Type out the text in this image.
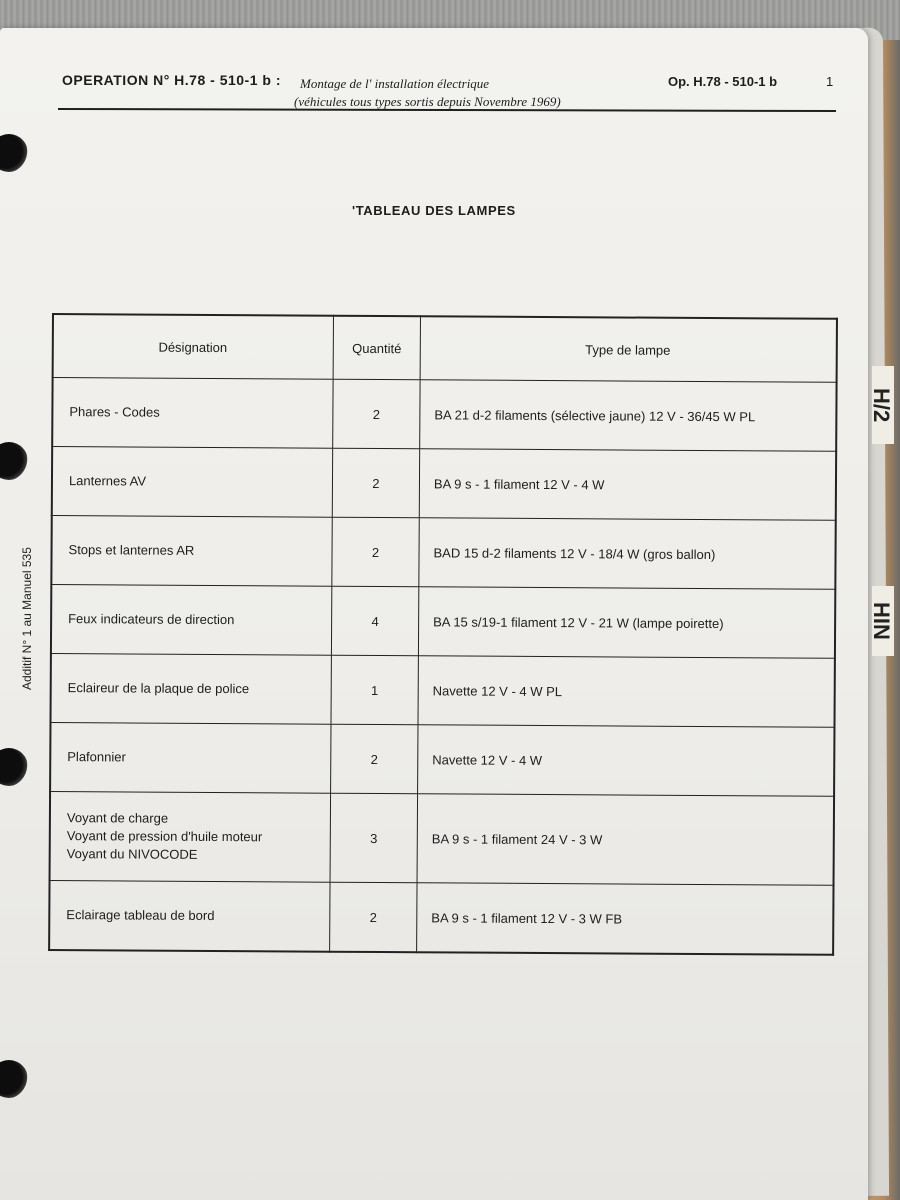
H/2
HIN
OPERATION N° H.78 - 510-1 b : Montage de l' installation électrique
(véhicules tous types sortis depuis Novembre 1969)
Op. H.78 - 510-1 b	1
'TABLEAU DES LAMPES
Additif N° 1 au Manuel 535
Désignation	Quantité	Type de lampe

Phares - Codes	2	BA 21 d-2 filaments (sélective jaune) 12 V - 36/45 W PL

Lanternes AV	2	BA 9 s - 1 filament 12 V - 4 W

Stops et lanternes AR	2	BAD 15 d-2 filaments 12 V - 18/4 W (gros ballon)

Feux indicateurs de direction	4	BA 15 s/19-1 filament 12 V - 21 W (lampe poirette)

Eclaireur de la plaque de police	1	Navette 12 V - 4 W PL

Plafonnier	2	Navette 12 V - 4 W

Voyant de charge
Voyant de pression d'huile moteur
Voyant du NIVOCODE	3	BA 9 s - 1 filament 24 V - 3 W

Eclairage tableau de bord	2	BA 9 s - 1 filament 12 V - 3 W FB
